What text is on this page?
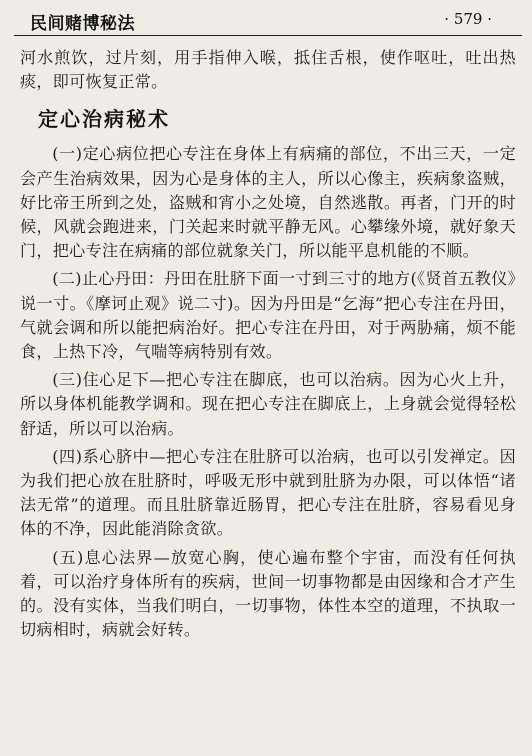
民间赌博秘法	· 579 ·

河水煎饮，过片刻，用手指伸入喉，抵住舌根，使作呕吐，吐出热痰，即可恢复正常。

定心治病秘术

(一)定心病位把心专注在身体上有病痛的部位，不出三天，一定会产生治病效果，因为心是身体的主人，所以心像主，疾病象盗贼，好比帝王所到之处，盗贼和宵小之处境，自然逃散。再者，门开的时候，风就会跑进来，门关起来时就平静无风。心攀缘外境，就好象天门，把心专注在病痛的部位就象关门，所以能平息机能的不顺。

(二)止心丹田：丹田在肚脐下面一寸到三寸的地方(《贤首五教仪》说一寸。《摩诃止观》说二寸)。因为丹田是“乞海”把心专注在丹田，气就会调和所以能把病治好。把心专注在丹田，对于两胁痛，烦不能食，上热下冷，气喘等病特别有效。

(三)住心足下—把心专注在脚底，也可以治病。因为心火上升，所以身体机能教学调和。现在把心专注在脚底上，上身就会觉得轻松舒适，所以可以治病。

(四)系心脐中—把心专注在肚脐可以治病，也可以引发禅定。因为我们把心放在肚脐时，呼吸无形中就到肚脐为办限，可以体悟“诸法无常”的道理。而且肚脐靠近肠胃，把心专注在肚脐，容易看见身体的不净，因此能消除贪欲。

(五)息心法界—放宽心胸，使心遍布整个宇宙，而没有任何执着，可以治疗身体所有的疾病，世间一切事物都是由因缘和合才产生的。没有实体，当我们明白，一切事物，体性本空的道理，不执取一切病相时，病就会好转。
